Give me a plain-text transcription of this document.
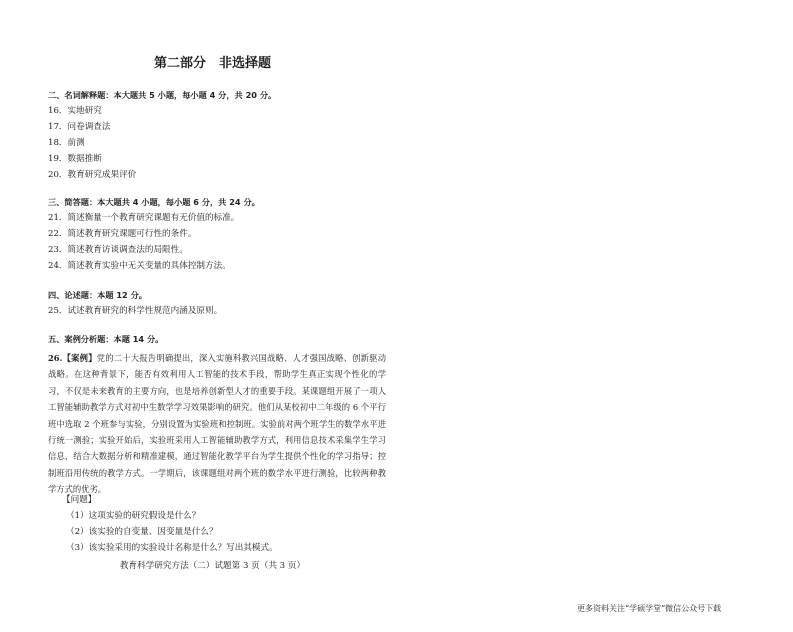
第二部分　非选择题
二、名词解释题：本大题共 5 小题，每小题 4 分，共 20 分。
16．实地研究
17．问卷调查法
18．前测
19．数据推断
20．教育研究成果评价
三、简答题：本大题共 4 小题，每小题 6 分，共 24 分。
21．简述衡量一个教育研究课题有无价值的标准。
22．简述教育研究课题可行性的条件。
23．简述教育访谈调查法的局限性。
24．简述教育实验中无关变量的具体控制方法。
四、论述题：本题 12 分。
25．试述教育研究的科学性规范内涵及原则。
五、案例分析题：本题 14 分。
26.【案例】党的二十大报告明确提出，深入实施科教兴国战略、人才强国战略、创新驱动战略。在这种背景下，能否有效利用人工智能的技术手段，帮助学生真正实现个性化的学习，不仅是未来教育的主要方向，也是培养创新型人才的重要手段。某课题组开展了一项人工智能辅助教学方式对初中生数学学习效果影响的研究。他们从某校初中二年级的 6 个平行班中选取 2 个班参与实验，分别设置为实验班和控制班。实验前对两个班学生的数学水平进行统一测验；实验开始后，实验班采用人工智能辅助教学方式，利用信息技术采集学生学习信息，结合大数据分析和精准建模，通过智能化教学平台为学生提供个性化的学习指导；控制班沿用传统的教学方式。一学期后，该课题组对两个班的数学水平进行测验，比较两种教学方式的优劣。
【问题】
（1）这项实验的研究假设是什么？
（2）该实验的自变量、因变量是什么？
（3）该实验采用的实验设计名称是什么？写出其模式。
教育科学研究方法（二）试题第 3 页（共 3 页）
更多资料关注“学硕学堂”微信公众号下载
